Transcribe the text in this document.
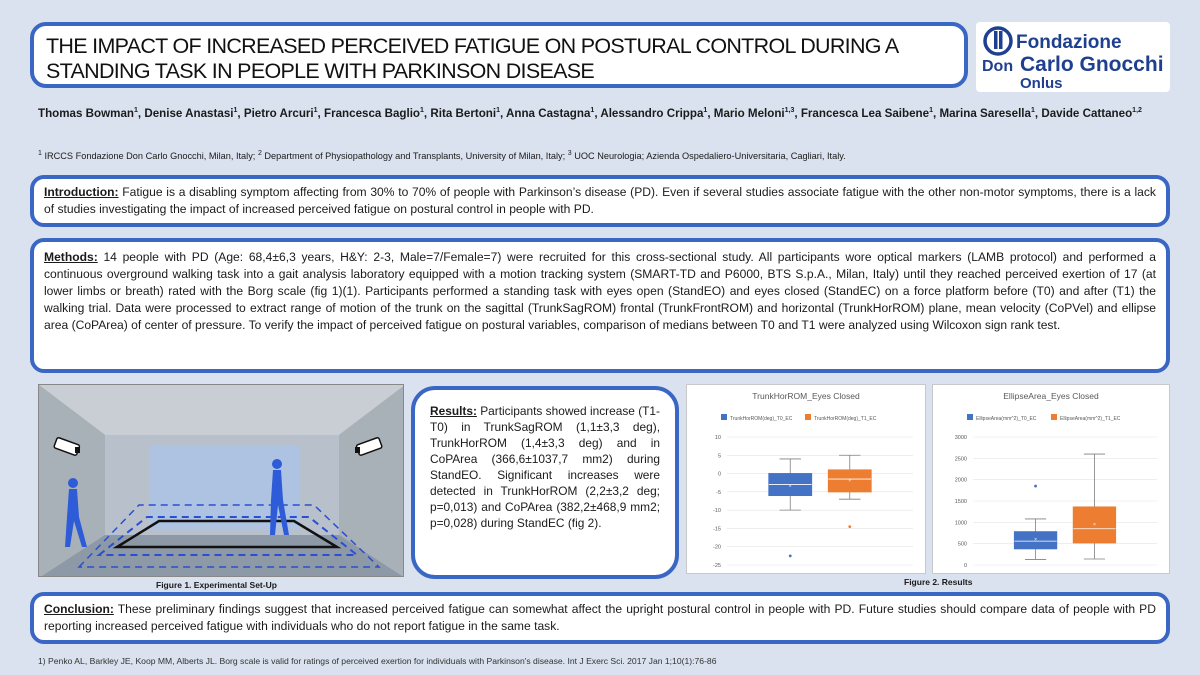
THE IMPACT OF INCREASED PERCEIVED FATIGUE ON POSTURAL CONTROL DURING A STANDING TASK IN PEOPLE WITH PARKINSON DISEASE
Fondazione
Don Carlo Gnocchi
Onlus
Thomas Bowman$^1$, Denise Anastasi$^1$, Pietro Arcuri$^1$, Francesca Baglio$^1$, Rita Bertoni$^1$, Anna Castagna$^1$, Alessandro Crippa$^1$, Mario Meloni$^{1,3}$, Francesca Lea Saibene$^1$, Marina Saresella$^1$, Davide Cattaneo$^{1,2}$
$^1$ IRCCS Fondazione Don Carlo Gnocchi, Milan, Italy; $^2$ Department of Physiopathology and Transplants, University of Milan, Italy; $^3$ UOC Neurologia; Azienda Ospedaliero-Universitaria, Cagliari, Italy.
Introduction: Fatigue is a disabling symptom affecting from 30% to 70% of people with Parkinson’s disease (PD). Even if several studies associate fatigue with the other non-motor symptoms, there is a lack of studies investigating the impact of increased perceived fatigue on postural control in people with PD.
Methods: 14 people with PD (Age: 68,4±6,3 years, H&Y: 2-3, Male=7/Female=7) were recruited for this cross-sectional study. All participants wore optical markers (LAMB protocol) and performed a continuous overground walking task into a gait analysis laboratory equipped with a motion tracking system (SMART-TD and P6000, BTS S.p.A., Milan, Italy) until they reached perceived exertion of 17 (at lower limbs or breath) rated with the Borg scale (fig 1)(1). Participants performed a standing task with eyes open (StandEO) and eyes closed (StandEC) on a force platform before (T0) and after (T1) the walking trial. Data were processed to extract range of motion of the trunk on the sagittal (TrunkSagROM) frontal (TrunkFrontROM) and horizontal (TrunkHorROM) plane, mean velocity (CoPVel) and ellipse area (CoPArea) of center of pressure. To verify the impact of perceived fatigue on postural variables, comparison of medians between T0 and T1 were analyzed using Wilcoxon sign rank test.
Figure 1. Experimental Set-Up
Results: Participants showed increase (T1-T0) in TrunkSagROM (1,1±3,3 deg), TrunkHorROM (1,4±3,3 deg) and in CoPArea (366,6±1037,7 mm2) during StandEO. Significant increases were detected in TrunkHorROM (2,2±3,2 deg; p=0,013) and CoPArea (382,2±468,9 mm2; p=0,028) during StandEC (fig 2).
TrunkHorROM_Eyes Closed
TrunkHorROM(deg)_T0_EC	TrunkHorROM(deg)_T1_EC
10
5
0
-5
-10
-15
-20
-25
×
×
EllipseArea_Eyes Closed
EllipseArea(mm^2)_T0_EC	EllipseArea(mm^2)_T1_EC
3000
2500
2000
1500
1000
500
0
×
×
Figure 2. Results
Conclusion: These preliminary findings suggest that increased perceived fatigue can somewhat affect the upright postural control in people with PD. Future studies should compare data of people with PD reporting increased perceived fatigue with individuals who do not report fatigue in the same task.
1) Penko AL, Barkley JE, Koop MM, Alberts JL. Borg scale is valid for ratings of perceived exertion for individuals with Parkinson's disease. Int J Exerc Sci. 2017 Jan 1;10(1):76-86
